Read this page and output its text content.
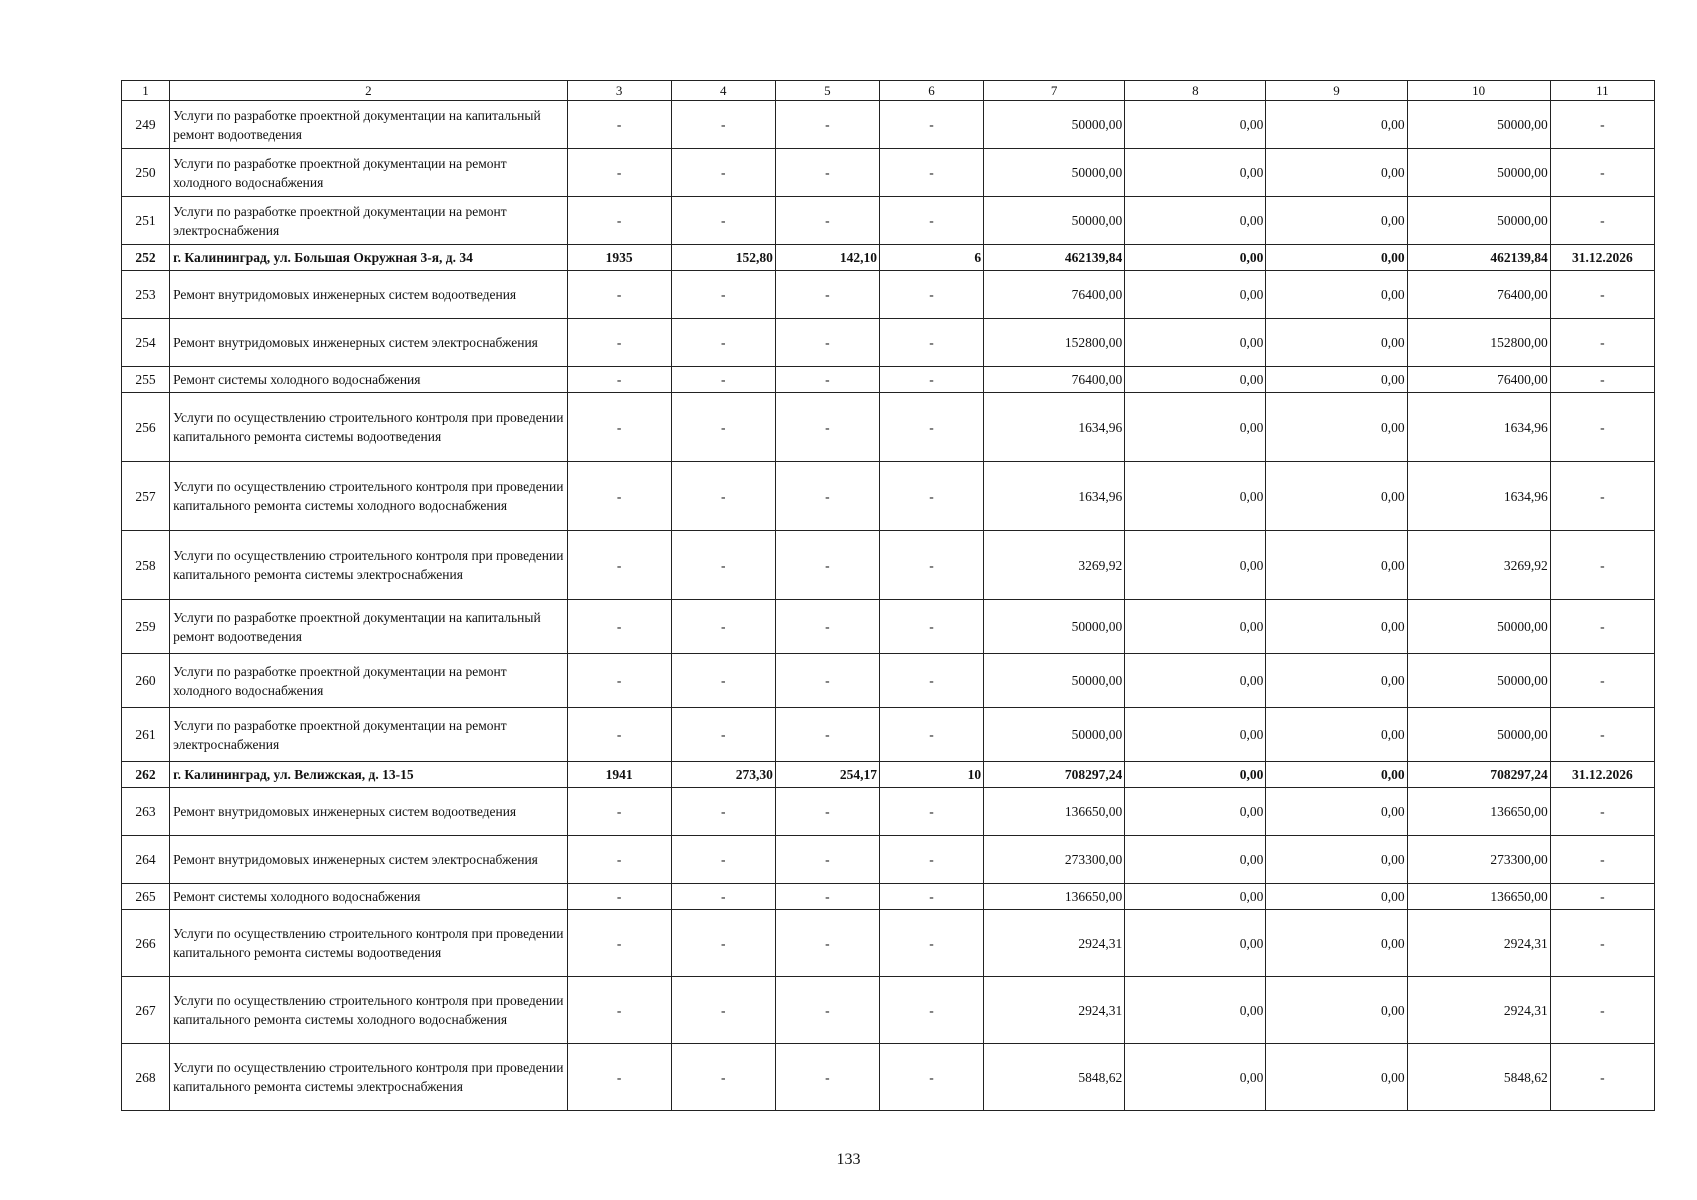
1	2	3	4	5	6	7	8	9	10	11
249	Услуги по разработке проектной документации на капитальный ремонт водоотведения	-	-	-	-	50000,00	0,00	0,00	50000,00	-
250	Услуги по разработке проектной документации на ремонт холодного водоснабжения	-	-	-	-	50000,00	0,00	0,00	50000,00	-
251	Услуги по разработке проектной документации на ремонт электроснабжения	-	-	-	-	50000,00	0,00	0,00	50000,00	-
252	г. Калининград, ул. Большая Окружная 3-я, д. 34	1935	152,80	142,10	6	462139,84	0,00	0,00	462139,84	31.12.2026
253	Ремонт внутридомовых инженерных систем водоотведения	-	-	-	-	76400,00	0,00	0,00	76400,00	-
254	Ремонт внутридомовых инженерных систем электроснабжения	-	-	-	-	152800,00	0,00	0,00	152800,00	-
255	Ремонт системы холодного водоснабжения	-	-	-	-	76400,00	0,00	0,00	76400,00	-
256	Услуги по осуществлению строительного контроля при проведении капитального ремонта системы водоотведения	-	-	-	-	1634,96	0,00	0,00	1634,96	-
257	Услуги по осуществлению строительного контроля при проведении капитального ремонта системы холодного водоснабжения	-	-	-	-	1634,96	0,00	0,00	1634,96	-
258	Услуги по осуществлению строительного контроля при проведении капитального ремонта системы электроснабжения	-	-	-	-	3269,92	0,00	0,00	3269,92	-
259	Услуги по разработке проектной документации на капитальный ремонт водоотведения	-	-	-	-	50000,00	0,00	0,00	50000,00	-
260	Услуги по разработке проектной документации на ремонт холодного водоснабжения	-	-	-	-	50000,00	0,00	0,00	50000,00	-
261	Услуги по разработке проектной документации на ремонт электроснабжения	-	-	-	-	50000,00	0,00	0,00	50000,00	-
262	г. Калининград, ул. Велижская, д. 13-15	1941	273,30	254,17	10	708297,24	0,00	0,00	708297,24	31.12.2026
263	Ремонт внутридомовых инженерных систем водоотведения	-	-	-	-	136650,00	0,00	0,00	136650,00	-
264	Ремонт внутридомовых инженерных систем электроснабжения	-	-	-	-	273300,00	0,00	0,00	273300,00	-
265	Ремонт системы холодного водоснабжения	-	-	-	-	136650,00	0,00	0,00	136650,00	-
266	Услуги по осуществлению строительного контроля при проведении капитального ремонта системы водоотведения	-	-	-	-	2924,31	0,00	0,00	2924,31	-
267	Услуги по осуществлению строительного контроля при проведении капитального ремонта системы холодного водоснабжения	-	-	-	-	2924,31	0,00	0,00	2924,31	-
268	Услуги по осуществлению строительного контроля при проведении капитального ремонта системы электроснабжения	-	-	-	-	5848,62	0,00	0,00	5848,62	-
133
